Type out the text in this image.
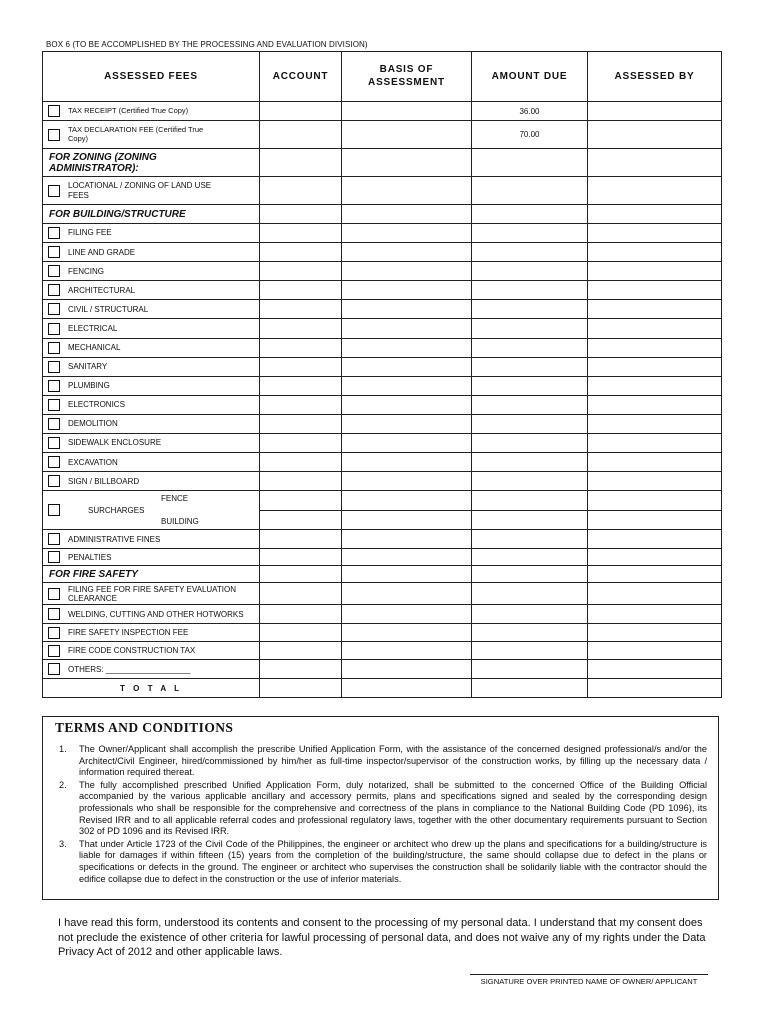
BOX 6 (TO BE ACCOMPLISHED BY THE PROCESSING AND EVALUATION DIVISION)
ASSESSED FEES	ACCOUNT	BASIS OF ASSESSMENT	AMOUNT DUE	ASSESSED BY

TAX RECEIPT (Certified True Copy)			36.00	

TAX DECLARATION FEE (Certified True Copy)			70.00	

FOR ZONING (ZONING ADMINISTRATOR):				

LOCATIONAL / ZONING OF LAND USE FEES				

FOR BUILDING/STRUCTURE				

FILING FEE				

LINE AND GRADE				

FENCING				

ARCHITECTURAL				

CIVIL / STRUCTURAL				

ELECTRICAL				

MECHANICAL				

SANITARY				

PLUMBING				

ELECTRONICS				

DEMOLITION				

SIDEWALK ENCLOSURE				

EXCAVATION				

SIGN / BILLBOARD				

SURCHARGES
FENCE
BUILDING				

ADMINISTRATIVE FINES				

PENALTIES				

FOR FIRE SAFETY				

FILING FEE FOR FIRE SAFETY EVALUATION CLEARANCE				

WELDING, CUTTING AND OTHER HOTWORKS				

FIRE SAFETY INSPECTION FEE				

FIRE CODE CONSTRUCTION TAX				

OTHERS: ___________________				

T O T A L				
TERMS AND CONDITIONS
1. The Owner/Applicant shall accomplish the prescribe Unified Application Form, with the assistance of the concerned designed professional/s and/or the Architect/Civil Engineer, hired/commissioned by him/her as full-time inspector/supervisor of the construction works, by filling up the necessary data / information required thereat.
2. The fully accomplished prescribed Unified Application Form, duly notarized, shall be submitted to the concerned Office of the Building Official accompanied by the various applicable ancillary and accessory permits, plans and specifications signed and sealed by the corresponding design professionals who shall be responsible for the comprehensive and correctness of the plans in compliance to the National Building Code (PD 1096), its Revised IRR and to all applicable referral codes and professional regulatory laws, together with the other documentary requirements pursuant to Section 302 of PD 1096 and its Revised IRR.
3. That under Article 1723 of the Civil Code of the Philippines, the engineer or architect who drew up the plans and specifications for a building/structure is liable for damages if within fifteen (15) years from the completion of the building/structure, the same should collapse due to defect in the plans or specifications or defects in the ground. The engineer or architect who supervises the construction shall be solidarily liable with the contractor should the edifice collapse due to defect in the construction or the use of inferior materials.
I have read this form, understood its contents and consent to the processing of my personal data. I understand that my consent does not preclude the existence of other criteria for lawful processing of personal data, and does not waive any of my rights under the Data Privacy Act of 2012 and other applicable laws.
SIGNATURE OVER PRINTED NAME OF OWNER/ APPLICANT
